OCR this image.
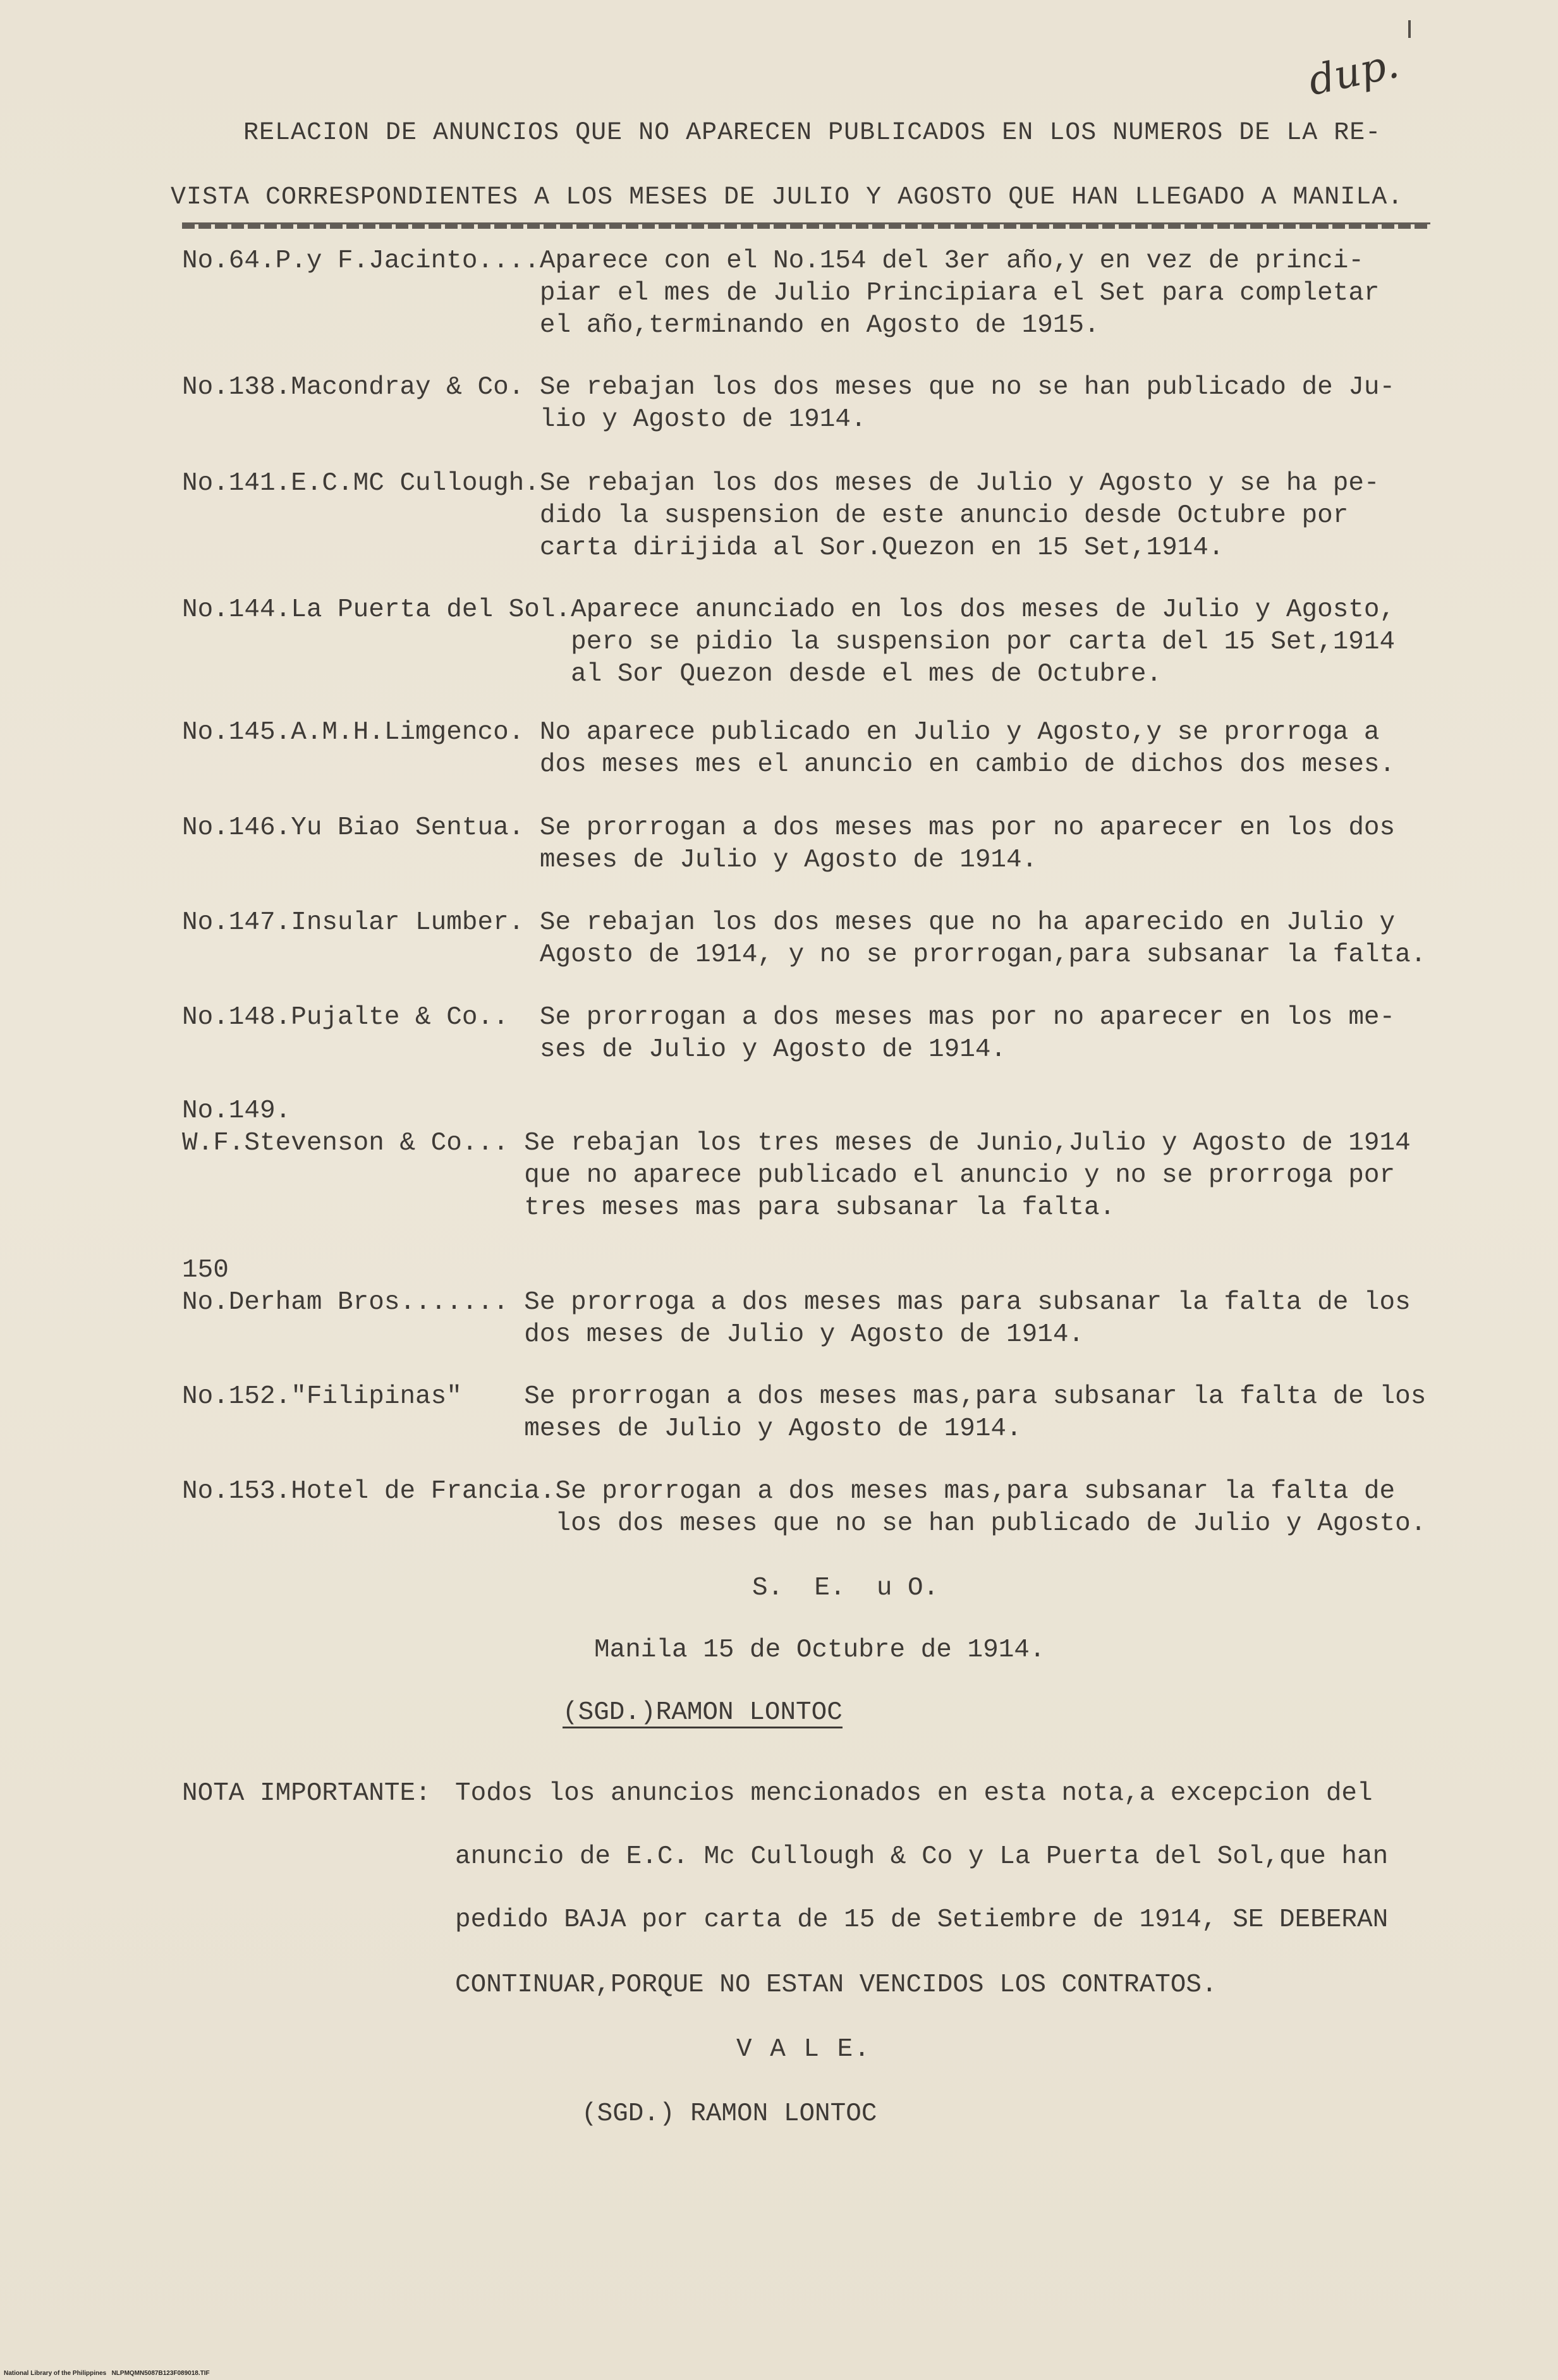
dup.
RELACION DE ANUNCIOS QUE NO APARECEN PUBLICADOS EN LOS NUMEROS DE LA RE-
VISTA CORRESPONDIENTES A LOS MESES DE JULIO Y AGOSTO QUE HAN LLEGADO A MANILA.
No.64.P.y F.Jacinto.... Aparece con el No.154 del 3er año,y en vez de princi-
piar el mes de Julio Principiara el Set para completar
el año,terminando en Agosto de 1915.
No.138.Macondray & Co. Se rebajan los dos meses que no se han publicado de Ju-
lio y Agosto de 1914.
No.141.E.C.MC Cullough. Se rebajan los dos meses de Julio y Agosto y se ha pe-
dido la suspension de este anuncio desde Octubre por
carta dirijida al Sor.Quezon en 15 Set,1914.
No.144.La Puerta del Sol. Aparece anunciado en los dos meses de Julio y Agosto,
pero se pidio la suspension por carta del 15 Set,1914
al Sor Quezon desde el mes de Octubre.
No.145.A.M.H.Limgenco. No aparece publicado en Julio y Agosto,y se prorroga a
dos meses mes el anuncio en cambio de dichos dos meses.
No.146.Yu Biao Sentua. Se prorrogan a dos meses mas por no aparecer en los dos
meses de Julio y Agosto de 1914.
No.147.Insular Lumber. Se rebajan los dos meses que no ha aparecido en Julio y
Agosto de 1914, y no se prorrogan,para subsanar la falta.
No.148.Pujalte & Co.. Se prorrogan a dos meses mas por no aparecer en los me-
ses de Julio y Agosto de 1914.
No.149.
W.F.Stevenson & Co... Se rebajan los tres meses de Junio,Julio y Agosto de 1914
que no aparece publicado el anuncio y no se prorroga por
tres meses mas para subsanar la falta.
150
No.Derham Bros....... Se prorroga a dos meses mas para subsanar la falta de los
dos meses de Julio y Agosto de 1914.
No.152."Filipinas" Se prorrogan a dos meses mas,para subsanar la falta de los
meses de Julio y Agosto de 1914.
No.153.Hotel de Francia. Se prorrogan a dos meses mas,para subsanar la falta de
los dos meses que no se han publicado de Julio y Agosto.
S.  E.  u O.
Manila 15 de Octubre de 1914.
(SGD.)RAMON LONTOC
NOTA IMPORTANTE: Todos los anuncios mencionados en esta nota,a excepcion del
anuncio de E.C. Mc Cullough & Co y La Puerta del Sol,que han
pedido BAJA por carta de 15 de Setiembre de 1914, SE DEBERAN
CONTINUAR,PORQUE NO ESTAN VENCIDOS LOS CONTRATOS.
V A L E.
(SGD.) RAMON LONTOC
National Library of the Philippines   NLPMQMN5087B123F089018.TIF
